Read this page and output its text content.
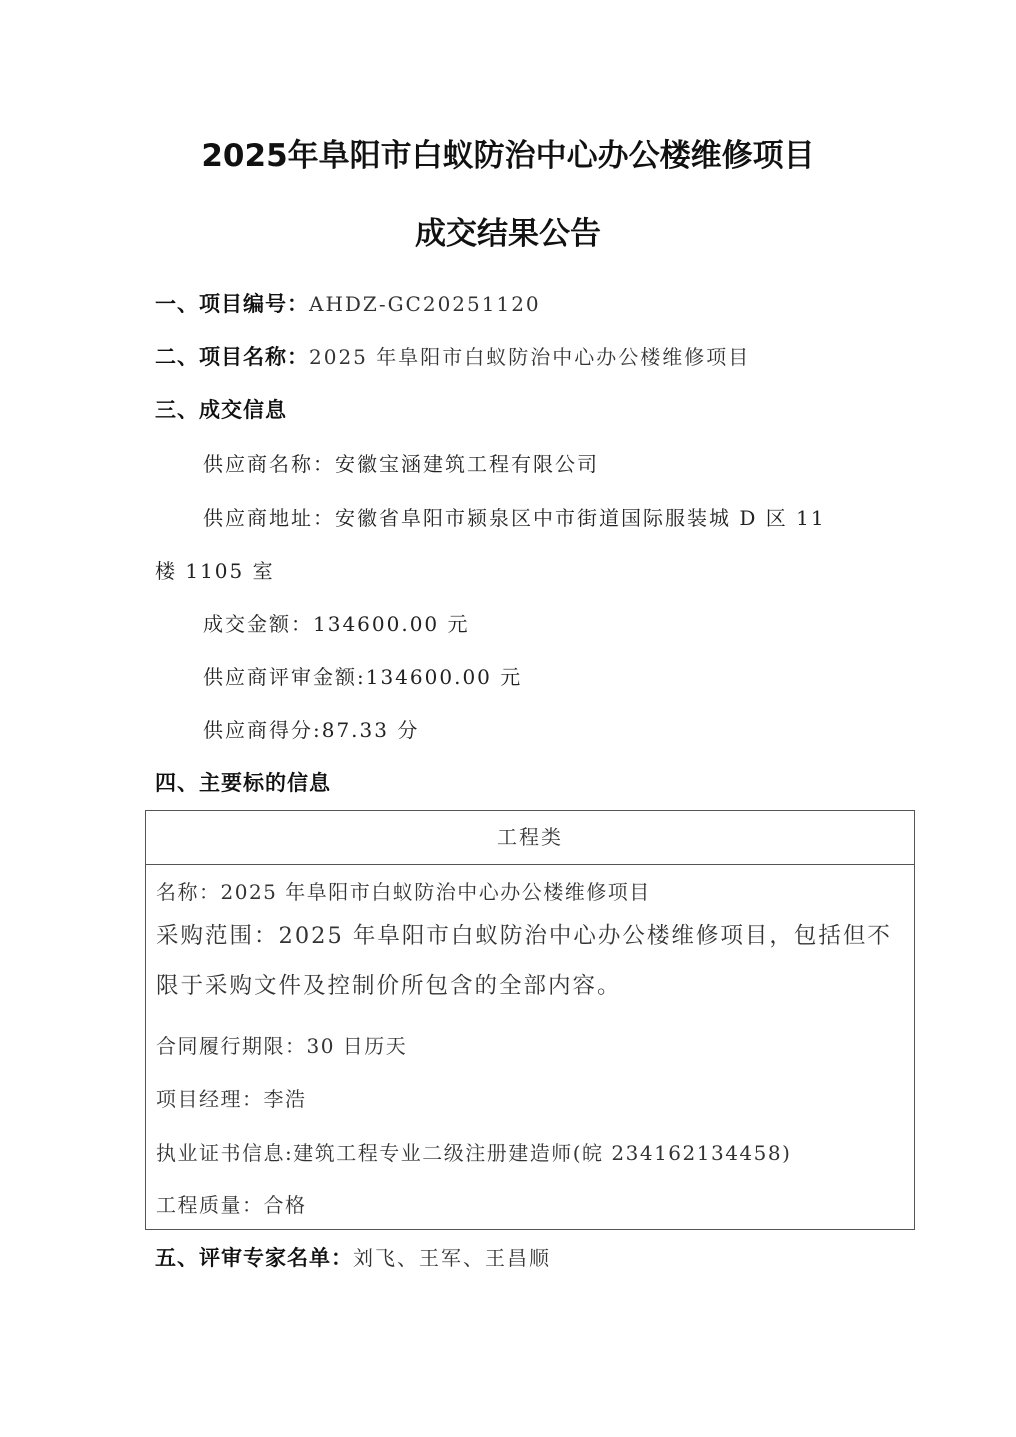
2025年阜阳市白蚁防治中心办公楼维修项目
成交结果公告
一、项目编号：AHDZ-GC20251120
二、项目名称：2025 年阜阳市白蚁防治中心办公楼维修项目
三、成交信息
供应商名称：安徽宝涵建筑工程有限公司
供应商地址：安徽省阜阳市颍泉区中市街道国际服装城 D 区 11
楼 1105 室
成交金额：134600.00 元
供应商评审金额:134600.00 元
供应商得分:87.33 分
四、主要标的信息
工程类
名称：2025 年阜阳市白蚁防治中心办公楼维修项目
采购范围：2025 年阜阳市白蚁防治中心办公楼维修项目，包括但不
限于采购文件及控制价所包含的全部内容。
合同履行期限：30 日历天
项目经理：李浩
执业证书信息:建筑工程专业二级注册建造师(皖 234162134458)
工程质量：合格
五、评审专家名单：刘飞、王军、王昌顺
